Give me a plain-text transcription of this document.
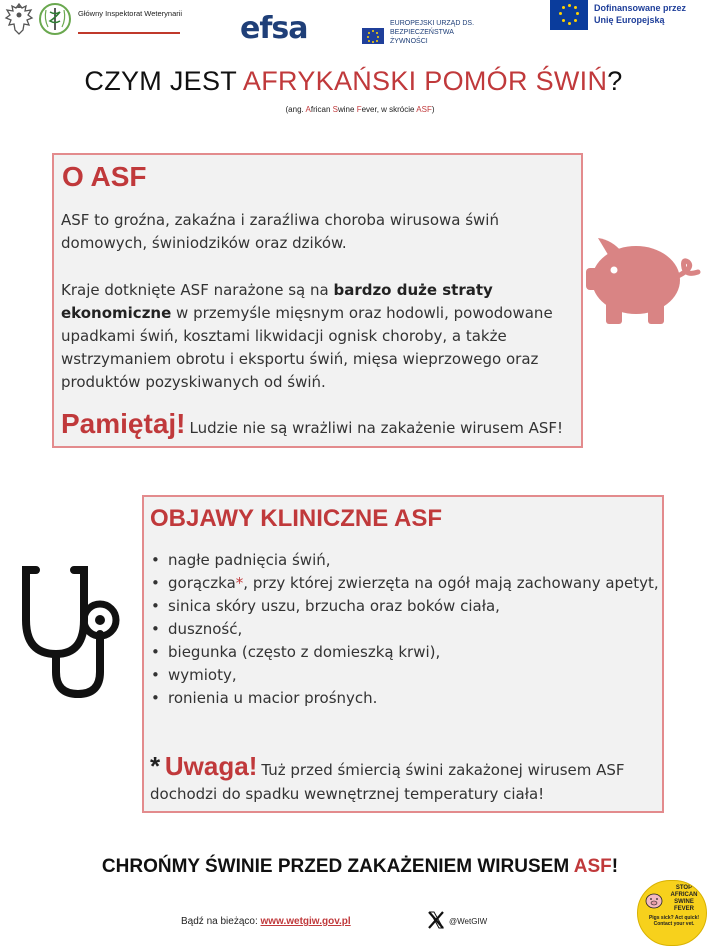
Główny Inspektorat Weterynarii efsa	EUROPEJSKI URZĄD DS. BEZPIECZEŃSTWA ŻYWNOŚCI
Dofinansowane przez Unię Europejską
CZYM JEST AFRYKAŃSKI POMÓR ŚWIŃ?
(ang. African Swine Fever, w skrócie ASF)
O ASF
ASF to groźna, zakaźna i zaraźliwa choroba wirusowa świń domowych, świniodzików oraz dzików.
Kraje dotknięte ASF narażone są na bardzo duże straty ekonomiczne w przemyśle mięsnym oraz hodowli, powodowane upadkami świń, kosztami likwidacji ognisk choroby, a także wstrzymaniem obrotu i eksportu świń, mięsa wieprzowego oraz produktów pozyskiwanych od świń.
Pamiętaj! Ludzie nie są wrażliwi na zakażenie wirusem ASF!
OBJAWY KLINICZNE ASF
• nagłe padnięcia świń,
• gorączka*, przy której zwierzęta na ogół mają zachowany apetyt,
• sinica skóry uszu, brzucha oraz boków ciała,
• duszność,
• biegunka (często z domieszką krwi),
• wymioty,
• ronienia u macior prośnych.
* Uwaga! Tuż przed śmiercią świni zakażonej wirusem ASF dochodzi do spadku wewnętrznej temperatury ciała!
CHROŃMY ŚWINIE PRZED ZAKAŻENIEM WIRUSEM ASF!
Bądź na bieżąco: www.wetgiw.gov.pl	@WetGIW
STOP AFRICAN SWINE FEVER
Pigs sick? Act quick! Contact your vet.
